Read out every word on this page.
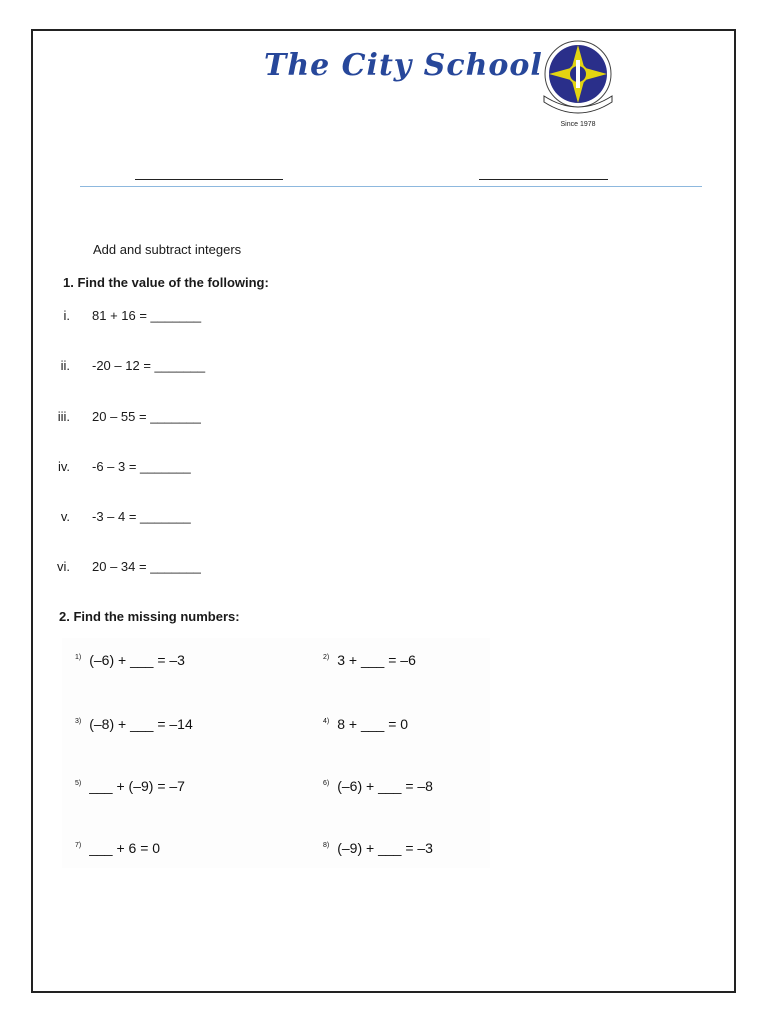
The City School
Since 1978
Add and subtract integers
1. Find the value of the following:
i. 81 + 16 = _______
ii. -20 – 12 = _______
iii. 20 – 55 = _______
iv. -6 – 3 = _______
v. -3 – 4 = _______
vi. 20 – 34 = _______
2. Find the missing numbers:
$^{1)}$ (–6) + ___ = –3	$^{2)}$ 3 + ___ = –6
$^{3)}$ (–8) + ___ = –14	$^{4)}$ 8 + ___ = 0
$^{5)}$ ___ + (–9) = –7	$^{6)}$ (–6) + ___ = –8
$^{7)}$ ___ + 6 = 0	$^{8)}$ (–9) + ___ = –3
